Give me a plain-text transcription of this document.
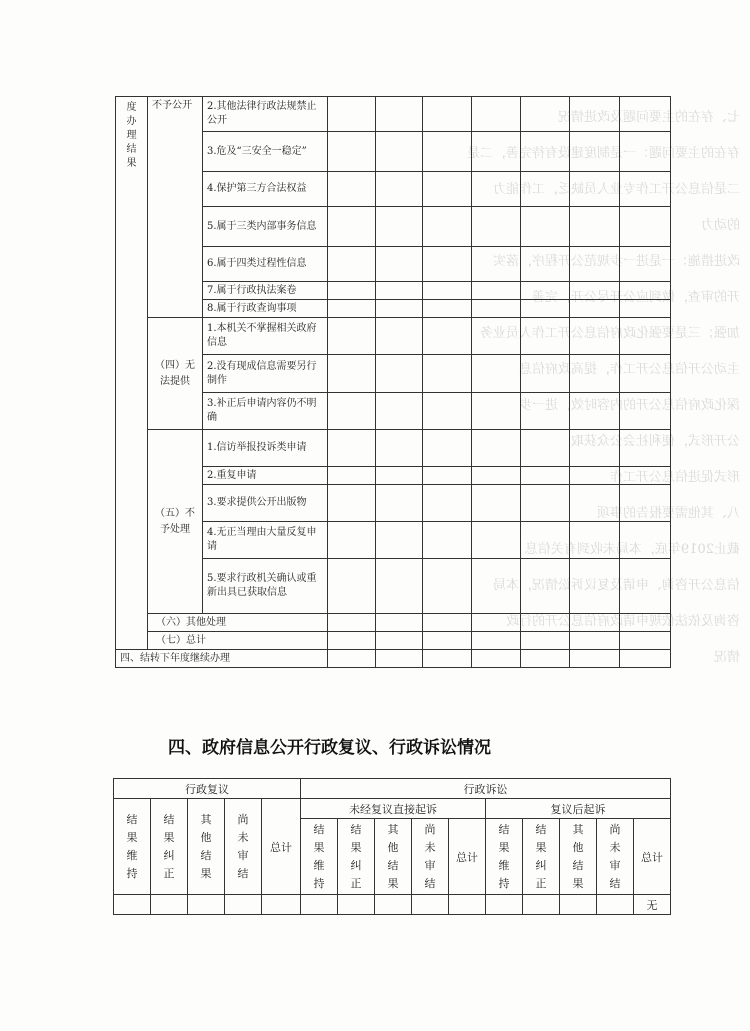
七、存在的主要问题及改进情况
存在的主要问题：一是制度建设有待完善，二是
二是信息公开工作专业人员缺乏，工作能力
的动力
改进措施：一是进一步规范公开程序，落实
开的审查，做到应公开尽公开，完善
加强；三是要强化政府信息公开工作人员业务
主动公开信息公开工作，提高政府信息
深化政府信息公开的内容时效，进一步
公开形式，便利社会公众获取
形式促进信息公开工作
八、其他需要报告的事项
截止2019年底，本局未收到有关信息
信息公开咨询、申请及复议诉讼情况，本局
咨询及依法依规申请政府信息公开的行政
情况
度办理结果	不予公开	2.其他法律行政法规禁止公开							
		3.危及“三安全一稳定”							
		4.保护第三方合法权益							
		5.属于三类内部事务信息							
		6.属于四类过程性信息							
		7.属于行政执法案卷							
		8.属于行政查询事项							
	（四）无法提供	1.本机关不掌握相关政府信息							
		2.没有现成信息需要另行制作							
		3.补正后申请内容仍不明确							
	（五）不予处理	1.信访举报投诉类申请							
		2.重复申请							
		3.要求提供公开出版物							
		4.无正当理由大量反复申请							
		5.要求行政机关确认或重新出具已获取信息							
	（六）其他处理								
	（七）总计								
四、结转下年度继续办理									
四、政府信息公开行政复议、行政诉讼情况
行政复议					行政诉讼									

结
果
维
持	结
果
纠
正	其
他
结
果	尚
未
审
结	总计	未经复议直接起诉					复议后起诉				

					结
果
维
持	结
果
纠
正	其
他
结
果	尚
未
审
结	总计	结
果
维
持	结
果
纠
正	其
他
结
果	尚
未
审
结	总计
														无
